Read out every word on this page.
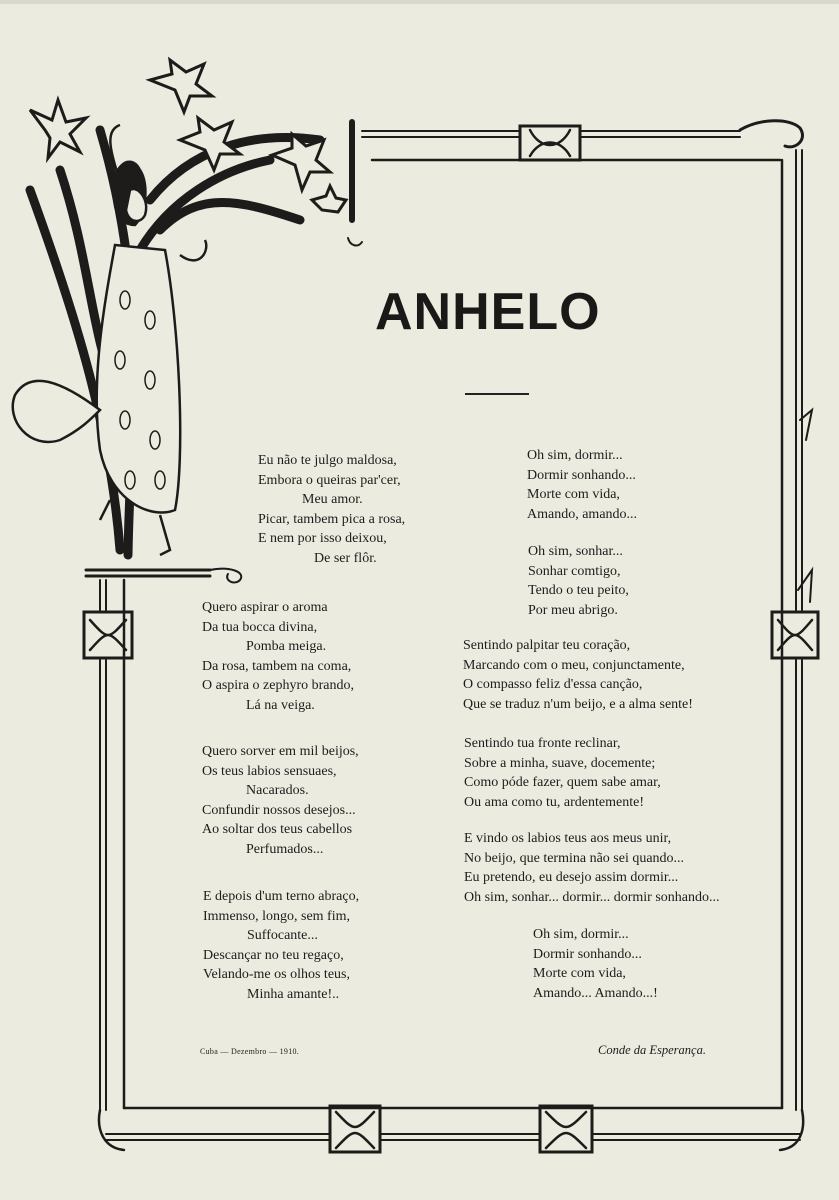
ANHELO
Eu não te julgo maldosa,
Embora o queiras par'cer,
Meu amor.
Picar, tambem pica a rosa,
E nem por isso deixou,
De ser flôr.
Quero aspirar o aroma
Da tua bocca divina,
Pomba meiga.
Da rosa, tambem na coma,
O aspira o zephyro brando,
Lá na veiga.
Quero sorver em mil beijos,
Os teus labios sensuaes,
Nacarados.
Confundir nossos desejos...
Ao soltar dos teus cabellos
Perfumados...
E depois d'um terno abraço,
Immenso, longo, sem fim,
Suffocante...
Descançar no teu regaço,
Velando-me os olhos teus,
Minha amante!..
Oh sim, dormir...
Dormir sonhando...
Morte com vida,
Amando, amando...
Oh sim, sonhar...
Sonhar comtigo,
Tendo o teu peito,
Por meu abrigo.
Sentindo palpitar teu coração,
Marcando com o meu, conjunctamente,
O compasso feliz d'essa canção,
Que se traduz n'um beijo, e a alma sente!
Sentindo tua fronte reclinar,
Sobre a minha, suave, docemente;
Como póde fazer, quem sabe amar,
Ou ama como tu, ardentemente!
E vindo os labios teus aos meus unir,
No beijo, que termina não sei quando...
Eu pretendo, eu desejo assim dormir...
Oh sim, sonhar... dormir... dormir sonhando...
Oh sim, dormir...
Dormir sonhando...
Morte com vida,
Amando... Amando...!
Cuba — Dezembro — 1910.	Conde da Esperança.
